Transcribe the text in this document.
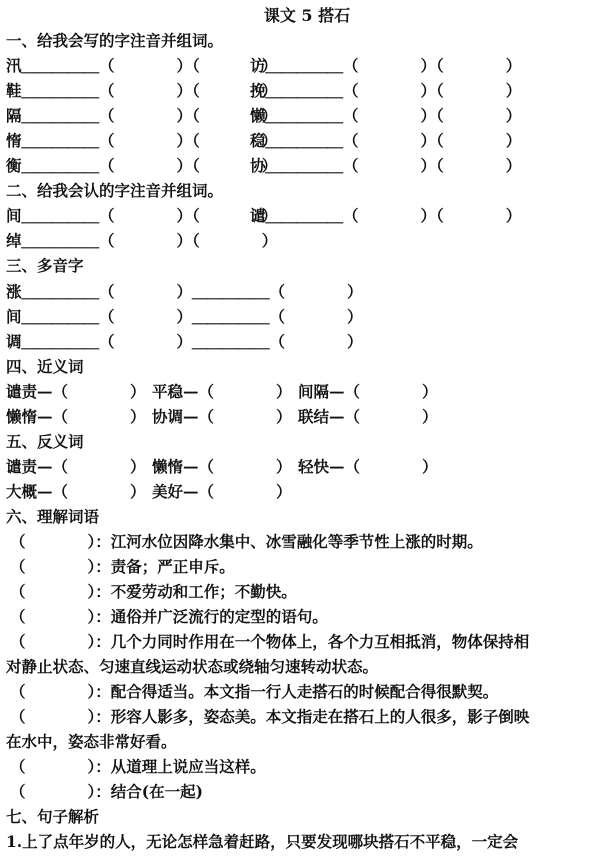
课文 5 搭石
一、给我会写的字注音并组词。
汛＿＿＿＿＿（　　　　）（　　　　）
访＿＿＿＿＿（　　　　）（　　　　）
鞋＿＿＿＿＿（　　　　）（　　　　）
挽＿＿＿＿＿（　　　　）（　　　　）
隔＿＿＿＿＿（　　　　）（　　　　）
懒＿＿＿＿＿（　　　　）（　　　　）
惰＿＿＿＿＿（　　　　）（　　　　）
稳＿＿＿＿＿（　　　　）（　　　　）
衡＿＿＿＿＿（　　　　）（　　　　）
协＿＿＿＿＿（　　　　）（　　　　）
二、给我会认的字注音并组词。
间＿＿＿＿＿（　　　　）（　　　　）
谴＿＿＿＿＿（　　　　）（　　　　）
绰＿＿＿＿＿（　　　　）（　　　　）
三、多音字
涨＿＿＿＿＿（　　　　）＿＿＿＿＿（　　　　）
间＿＿＿＿＿（　　　　）＿＿＿＿＿（　　　　）
调＿＿＿＿＿（　　　　）＿＿＿＿＿（　　　　）
四、近义词
谴责—（　　　　） 平稳—（　　　　） 间隔—（　　　　）
懒惰—（　　　　） 协调—（　　　　） 联结—（　　　　）
五、反义词
谴责—（　　　　） 懒惰—（　　　　） 轻快—（　　　　）
大概—（　　　　） 美好—（　　　　）
六、理解词语
（　　　　）：江河水位因降水集中、冰雪融化等季节性上涨的时期。
（　　　　）：责备；严正申斥。
（　　　　）：不爱劳动和工作；不勤快。
（　　　　）：通俗并广泛流行的定型的语句。
（　　　　）：几个力同时作用在一个物体上，各个力互相抵消，物体保持相
对静止状态、匀速直线运动状态或绕轴匀速转动状态。
（　　　　）：配合得适当。本文指一行人走搭石的时候配合得很默契。
（　　　　）：形容人影多，姿态美。本文指走在搭石上的人很多，影子倒映
在水中，姿态非常好看。
（　　　　）：从道理上说应当这样。
（　　　　）：结合(在一起)
七、句子解析
1.上了点年岁的人，无论怎样急着赶路，只要发现哪块搭石不平稳，一定会
